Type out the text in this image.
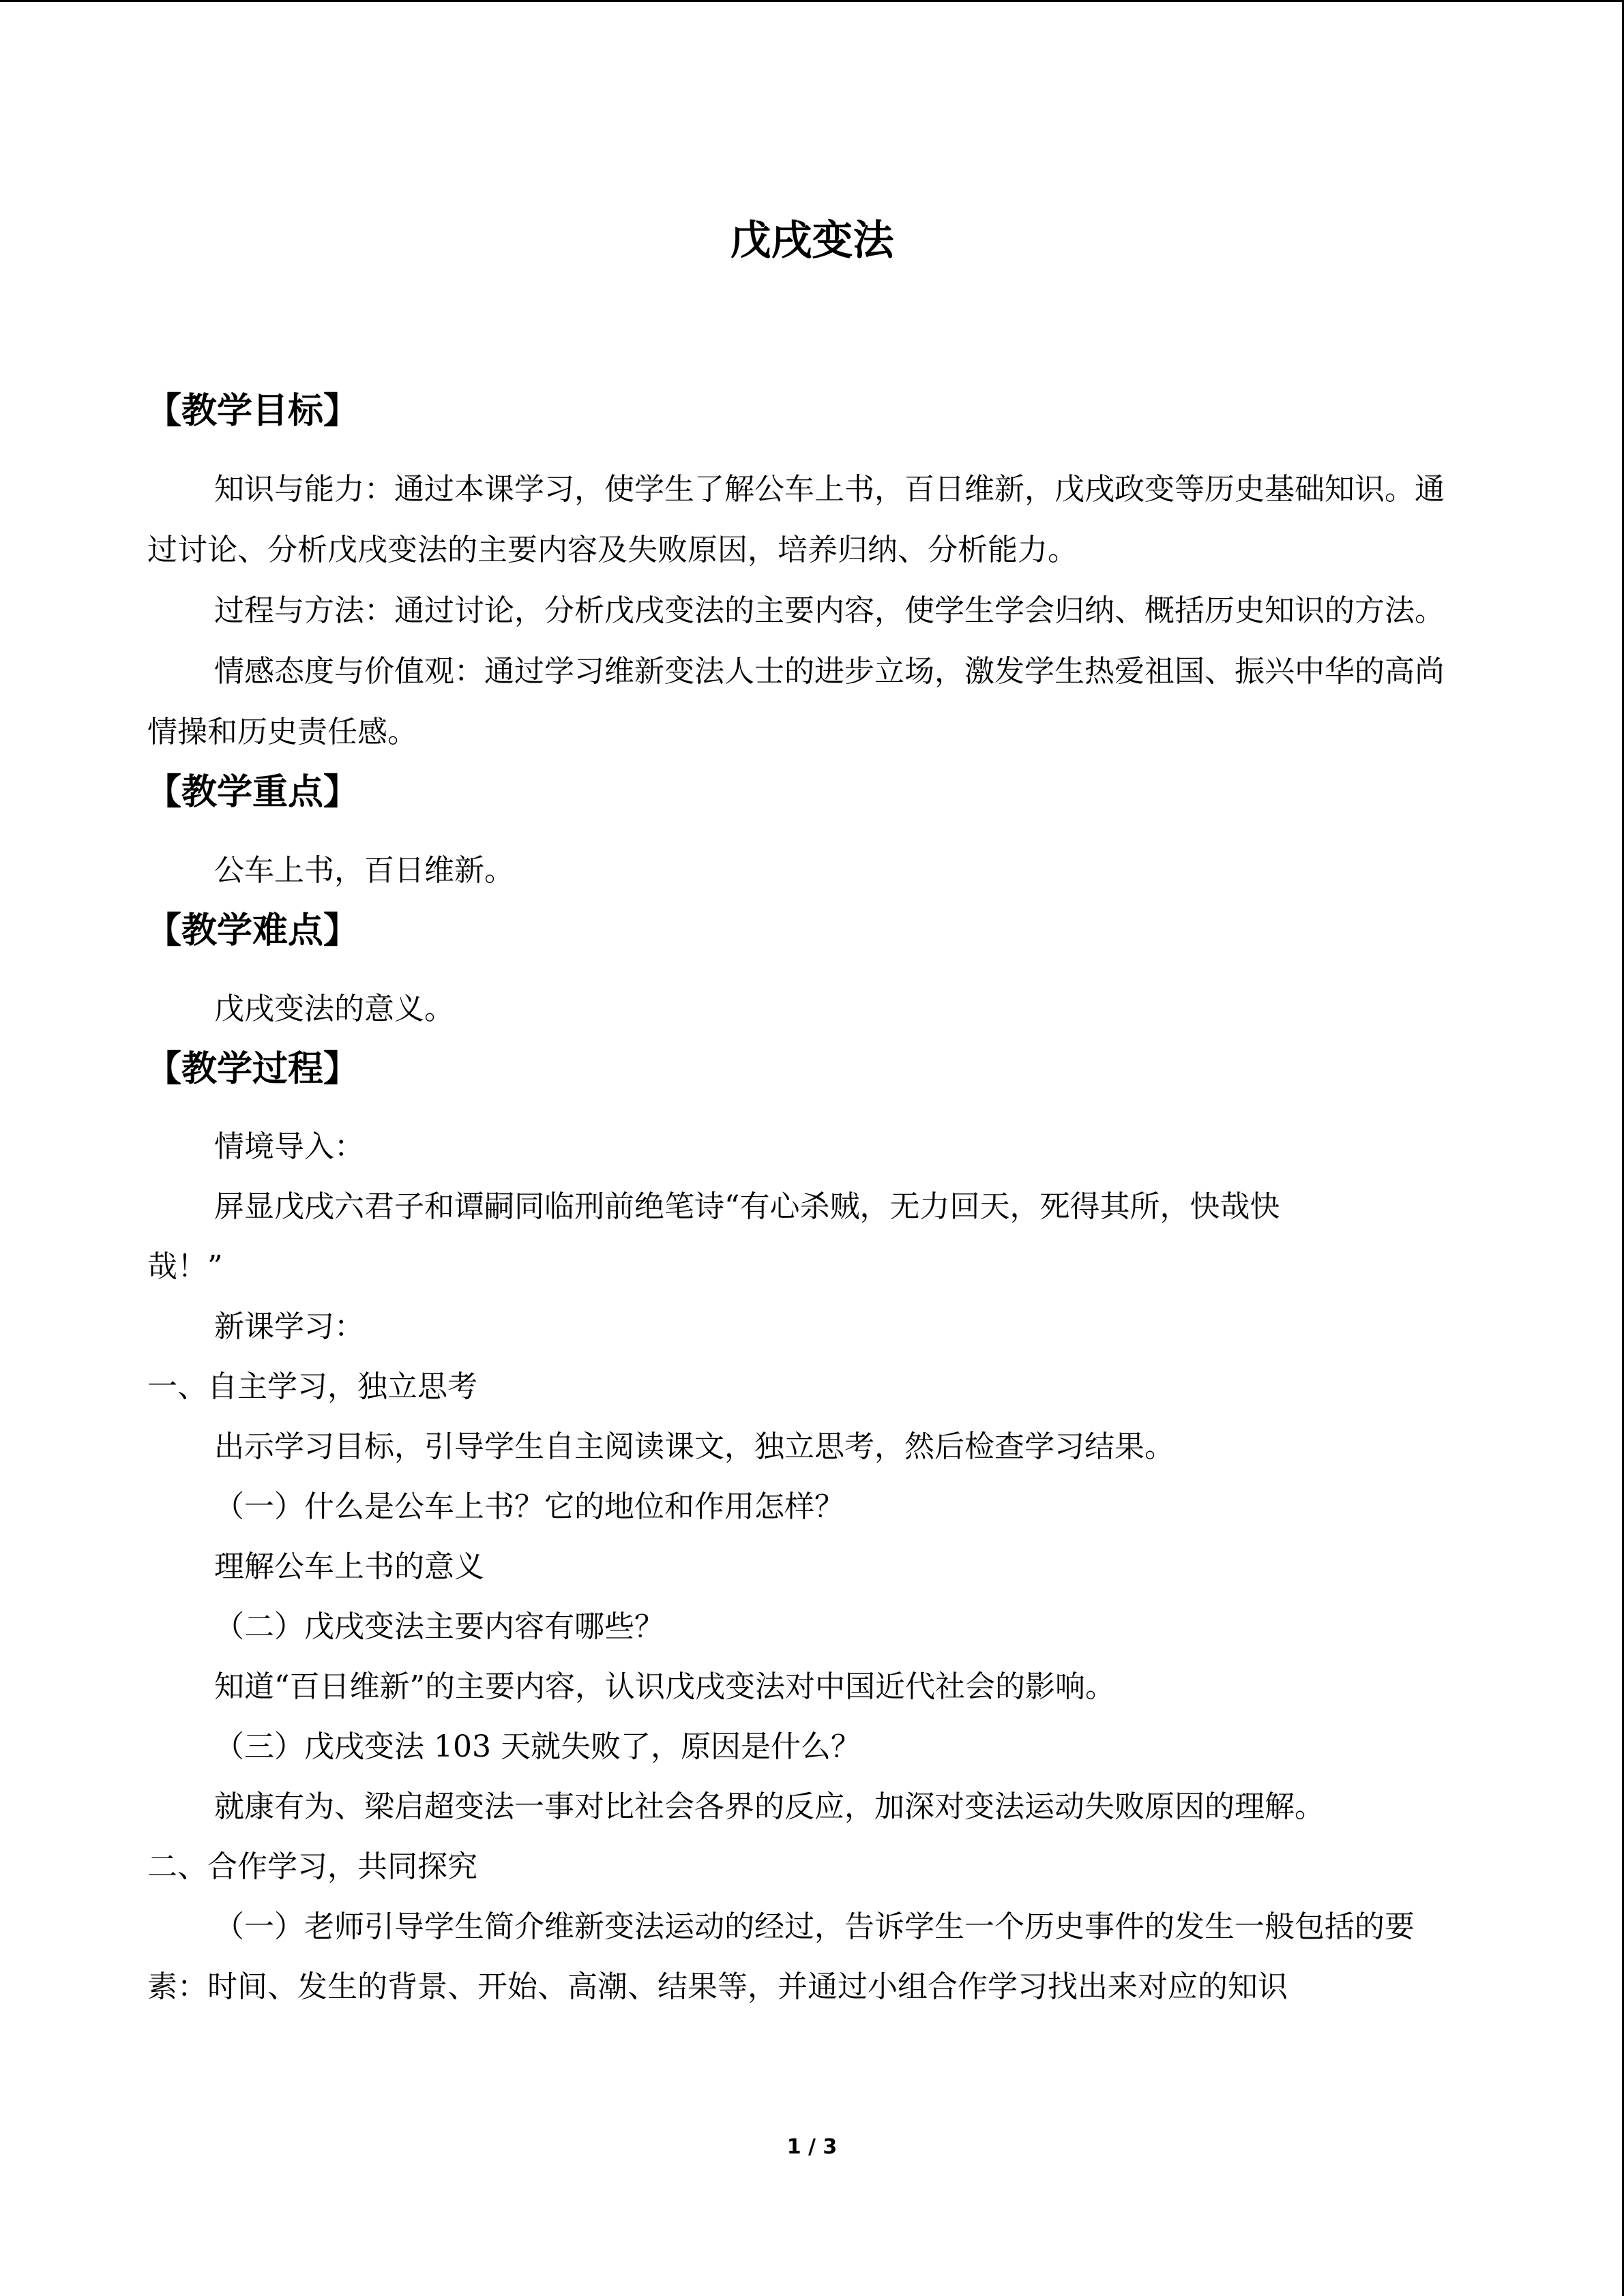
戊戌变法
【教学目标】

知识与能力：通过本课学习，使学生了解公车上书，百日维新，戊戌政变等历史基础知识。通过讨论、分析戊戌变法的主要内容及失败原因，培养归纳、分析能力。

过程与方法：通过讨论，分析戊戌变法的主要内容，使学生学会归纳、概括历史知识的方法。

情感态度与价值观：通过学习维新变法人士的进步立场，激发学生热爱祖国、振兴中华的高尚情操和历史责任感。

【教学重点】

公车上书，百日维新。

【教学难点】

戊戌变法的意义。

【教学过程】

情境导入：

屏显戊戌六君子和谭嗣同临刑前绝笔诗“有心杀贼，无力回天，死得其所，快哉快

哉！”

新课学习：

一、自主学习，独立思考

出示学习目标，引导学生自主阅读课文，独立思考，然后检查学习结果。

（一）什么是公车上书？它的地位和作用怎样？

理解公车上书的意义

（二）戊戌变法主要内容有哪些？

知道“百日维新”的主要内容，认识戊戌变法对中国近代社会的影响。

（三）戊戌变法 103 天就失败了，原因是什么？

就康有为、梁启超变法一事对比社会各界的反应，加深对变法运动失败原因的理解。

二、合作学习，共同探究

（一）老师引导学生简介维新变法运动的经过，告诉学生一个历史事件的发生一般包括的要素：时间、发生的背景、开始、高潮、结果等，并通过小组合作学习找出来对应的知识

1 / 3
